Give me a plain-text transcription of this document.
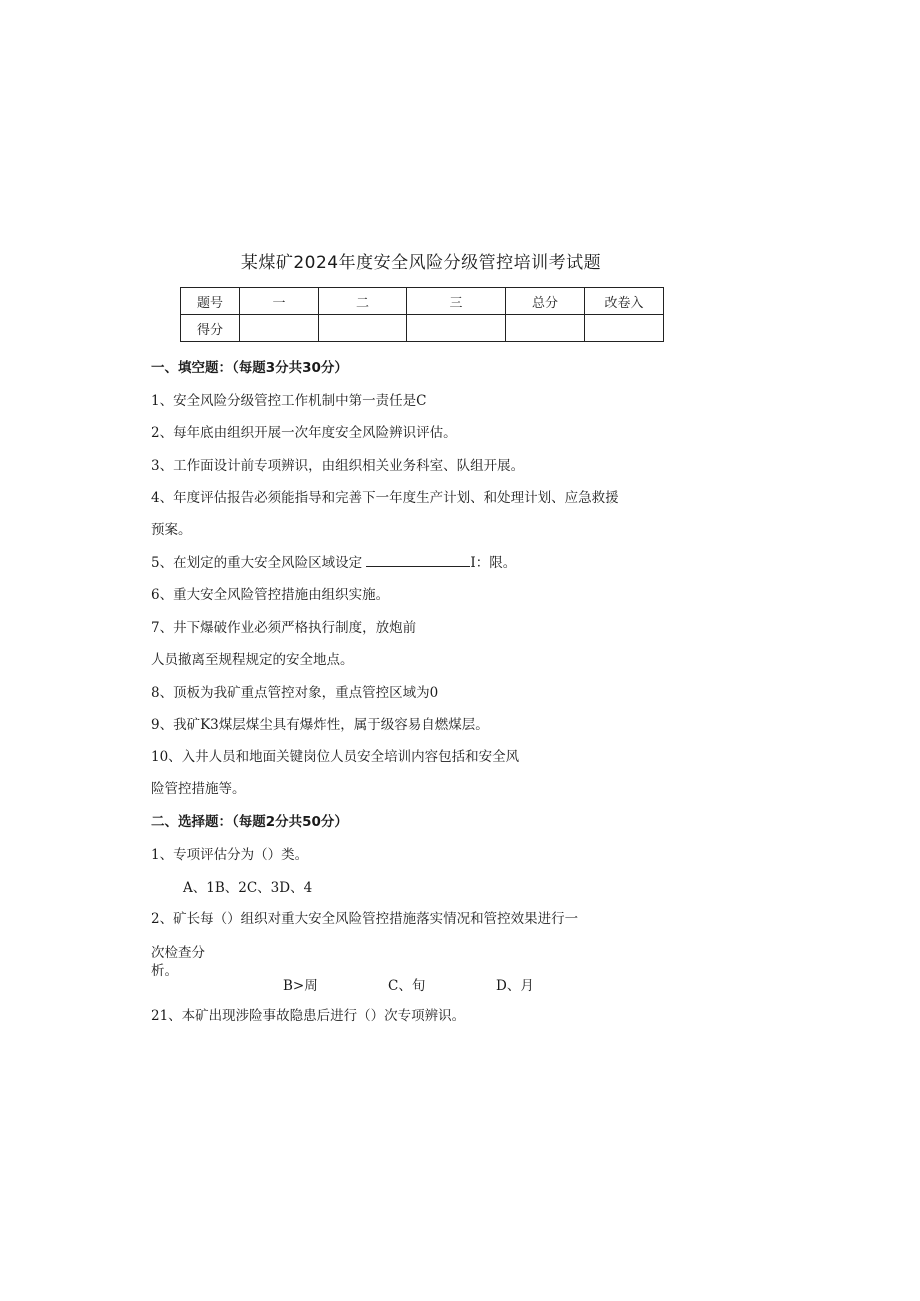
某煤矿2024年度安全风险分级管控培训考试题
题号	一	二	三	总分	改卷入
得分					
一、填空题：（每题3分共30分）
1、安全风险分级管控工作机制中第一责任是C
2、每年底由组织开展一次年度安全风险辨识评估。
3、工作面设计前专项辨识，由组织相关业务科室、队组开展。
4、年度评估报告必须能指导和完善下一年度生产计划、和处理计划、应急救援
预案。
5、在划定的重大安全风险区域设定	I：限。
6、重大安全风险管控措施由组织实施。
7、井下爆破作业必须严格执行制度，放炮前
人员撤离至规程规定的安全地点。
8、顶板为我矿重点管控对象，重点管控区域为0
9、我矿K3煤层煤尘具有爆炸性，属于级容易自燃煤层。
10、入井人员和地面关键岗位人员安全培训内容包括和安全风
险管控措施等。
二、选择题：（每题2分共50分）
1、专项评估分为（）类。
A、1B、2C、3D、4
2、矿长每（）组织对重大安全风险管控措施落实情况和管控效果进行一
次检查分
析。
B>周	C、旬	D、月
21、本矿出现涉险事故隐患后进行（）次专项辨识。
